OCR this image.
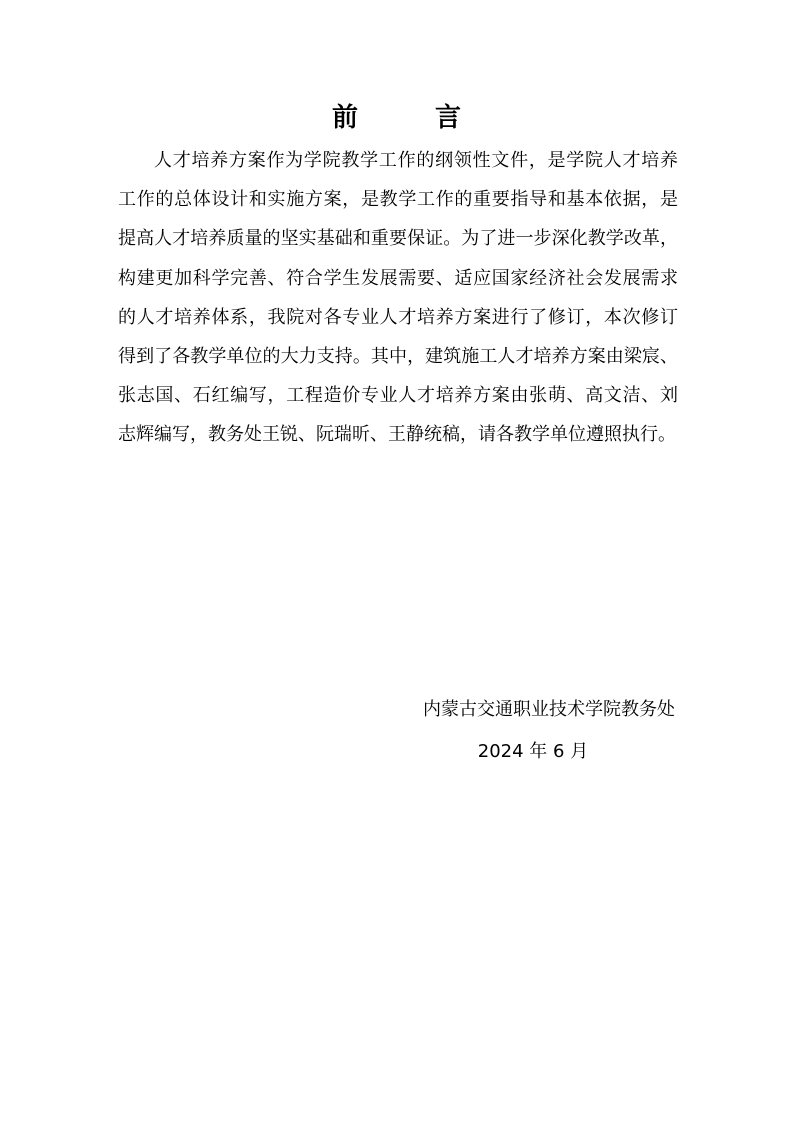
前 言
人才培养方案作为学院教学工作的纲领性文件，是学院人才培养
工作的总体设计和实施方案，是教学工作的重要指导和基本依据，是
提高人才培养质量的坚实基础和重要保证。为了进一步深化教学改革，
构建更加科学完善、符合学生发展需要、适应国家经济社会发展需求
的人才培养体系，我院对各专业人才培养方案进行了修订，本次修订
得到了各教学单位的大力支持。其中，建筑施工人才培养方案由梁宸、
张志国、石红编写，工程造价专业人才培养方案由张萌、高文洁、刘
志辉编写，教务处王锐、阮瑞昕、王静统稿，请各教学单位遵照执行。

内蒙古交通职业技术学院教务处

2024 年 6 月
